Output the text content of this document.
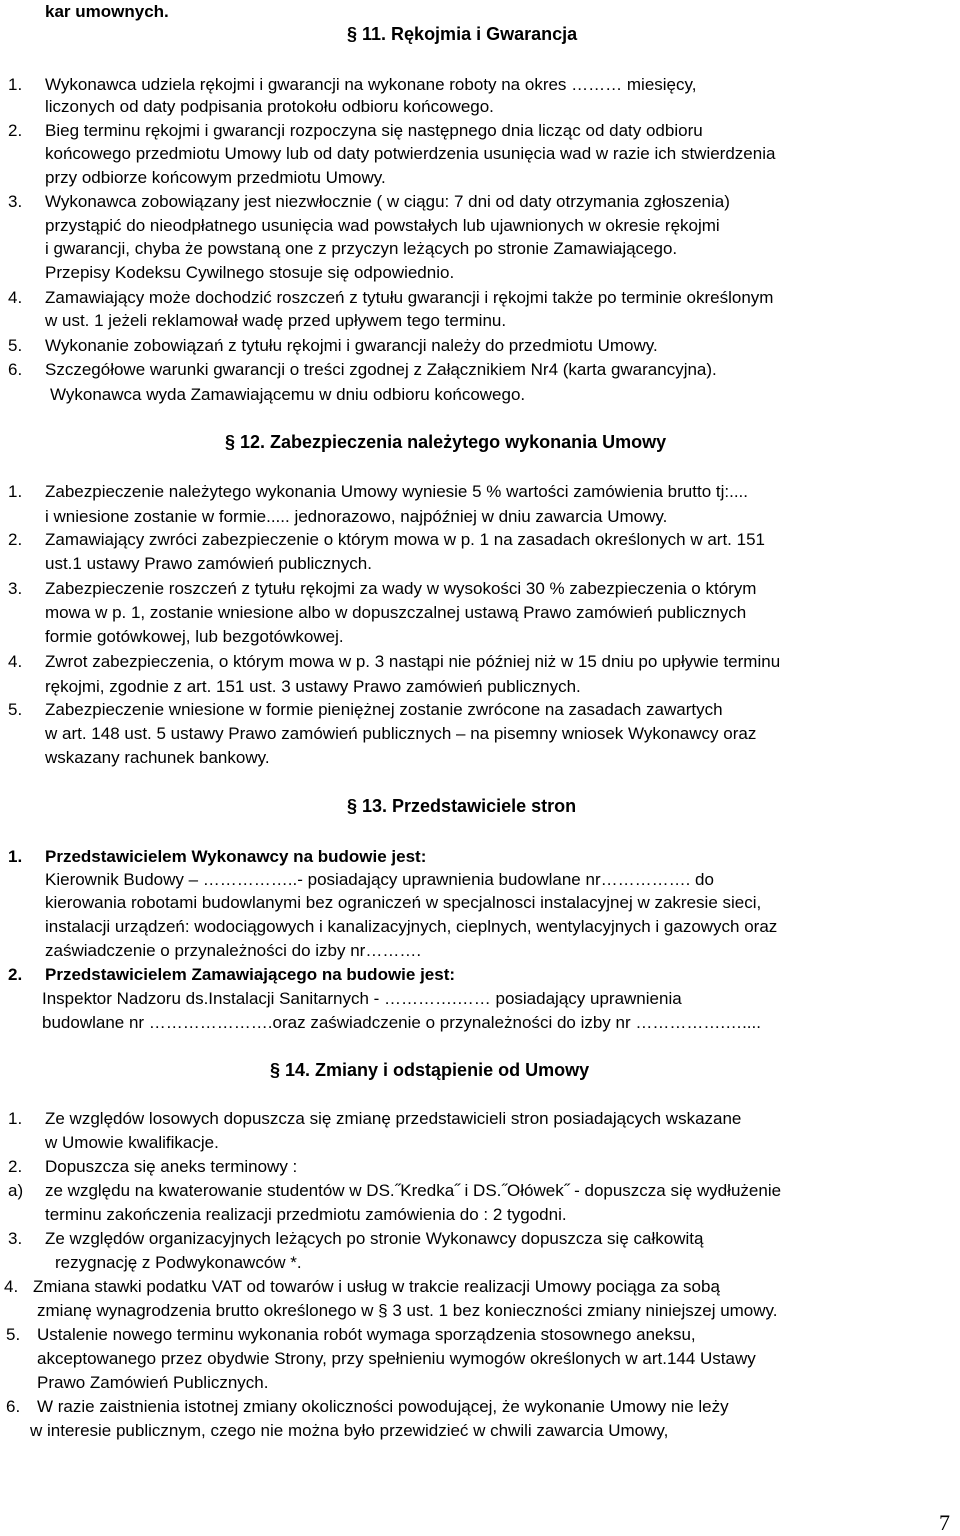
kar umownych.
§ 11. Rękojmia i Gwarancja
1. Wykonawca udziela rękojmi i gwarancji na wykonane roboty na okres ……… miesięcy,
liczonych od daty podpisania protokołu odbioru końcowego.
2. Bieg terminu rękojmi i gwarancji rozpoczyna się następnego dnia licząc od daty odbioru
końcowego przedmiotu Umowy lub od daty potwierdzenia usunięcia wad w razie ich stwierdzenia
przy odbiorze końcowym przedmiotu Umowy.
3. Wykonawca zobowiązany jest niezwłocznie ( w ciągu: 7 dni od daty otrzymania zgłoszenia)
przystąpić do nieodpłatnego usunięcia wad powstałych lub ujawnionych w okresie rękojmi
i gwarancji, chyba że powstaną one z przyczyn leżących po stronie Zamawiającego.
Przepisy Kodeksu Cywilnego stosuje się odpowiednio.
4. Zamawiający może dochodzić roszczeń z tytułu gwarancji i rękojmi także po terminie określonym
w ust. 1 jeżeli reklamował wadę przed upływem tego terminu.
5. Wykonanie zobowiązań z tytułu rękojmi i gwarancji należy do przedmiotu Umowy.
6. Szczegółowe warunki gwarancji o treści zgodnej z Załącznikiem Nr4 (karta gwarancyjna).
Wykonawca wyda Zamawiającemu w dniu odbioru końcowego.
§ 12. Zabezpieczenia należytego wykonania Umowy
1. Zabezpieczenie należytego wykonania Umowy wyniesie 5 % wartości zamówienia brutto tj:....
i wniesione zostanie w formie..... jednorazowo, najpóźniej w dniu zawarcia Umowy.
2. Zamawiający zwróci zabezpieczenie o którym mowa w p. 1 na zasadach określonych w art. 151
ust.1 ustawy Prawo zamówień publicznych.
3. Zabezpieczenie roszczeń z tytułu rękojmi za wady w wysokości 30 % zabezpieczenia o którym
mowa w p. 1, zostanie wniesione albo w dopuszczalnej ustawą Prawo zamówień publicznych
formie gotówkowej, lub bezgotówkowej.
4. Zwrot zabezpieczenia, o którym mowa w p. 3 nastąpi nie później niż w 15 dniu po upływie terminu
rękojmi, zgodnie z art. 151 ust. 3 ustawy Prawo zamówień publicznych.
5. Zabezpieczenie wniesione w formie pieniężnej zostanie zwrócone na zasadach zawartych
w art. 148 ust. 5 ustawy Prawo zamówień publicznych – na pisemny wniosek Wykonawcy oraz
wskazany rachunek bankowy.
§ 13. Przedstawiciele stron
1. Przedstawicielem Wykonawcy na budowie jest:
Kierownik Budowy – ……………..- posiadający uprawnienia budowlane nr……………. do
kierowania robotami budowlanymi bez ograniczeń w specjalnosci instalacyjnej w zakresie sieci,
instalacji urządzeń: wodociągowych i kanalizacyjnych, cieplnych, wentylacyjnych i gazowych oraz
zaświadczenie o przynależności do izby nr……….
2. Przedstawicielem Zamawiającego na budowie jest:
Inspektor Nadzoru ds.Instalacji Sanitarnych - ………….…… posiadający uprawnienia
budowlane nr ………………….oraz zaświadczenie o przynależności do izby nr …………….…....
§ 14. Zmiany i odstąpienie od Umowy
1. Ze względów losowych dopuszcza się zmianę przedstawicieli stron posiadających wskazane
w Umowie kwalifikacje.
2. Dopuszcza się aneks terminowy :
a) ze względu na kwaterowanie studentów w DS.˝Kredka˝ i DS.˝Ołówek˝ - dopuszcza się wydłużenie
terminu zakończenia realizacji przedmiotu zamówienia do : 2 tygodni.
3. Ze względów organizacyjnych leżących po stronie Wykonawcy dopuszcza się całkowitą
rezygnację z Podwykonawców *.
4. Zmiana stawki podatku VAT od towarów i usług w trakcie realizacji Umowy pociąga za sobą
zmianę wynagrodzenia brutto określonego w § 3 ust. 1 bez konieczności zmiany niniejszej umowy.
5. Ustalenie nowego terminu wykonania robót wymaga sporządzenia stosownego aneksu,
akceptowanego przez obydwie Strony, przy spełnieniu wymogów określonych w art.144 Ustawy
Prawo Zamówień Publicznych.
6. W razie zaistnienia istotnej zmiany okoliczności powodującej, że wykonanie Umowy nie leży
w interesie publicznym, czego nie można było przewidzieć w chwili zawarcia Umowy,
7
